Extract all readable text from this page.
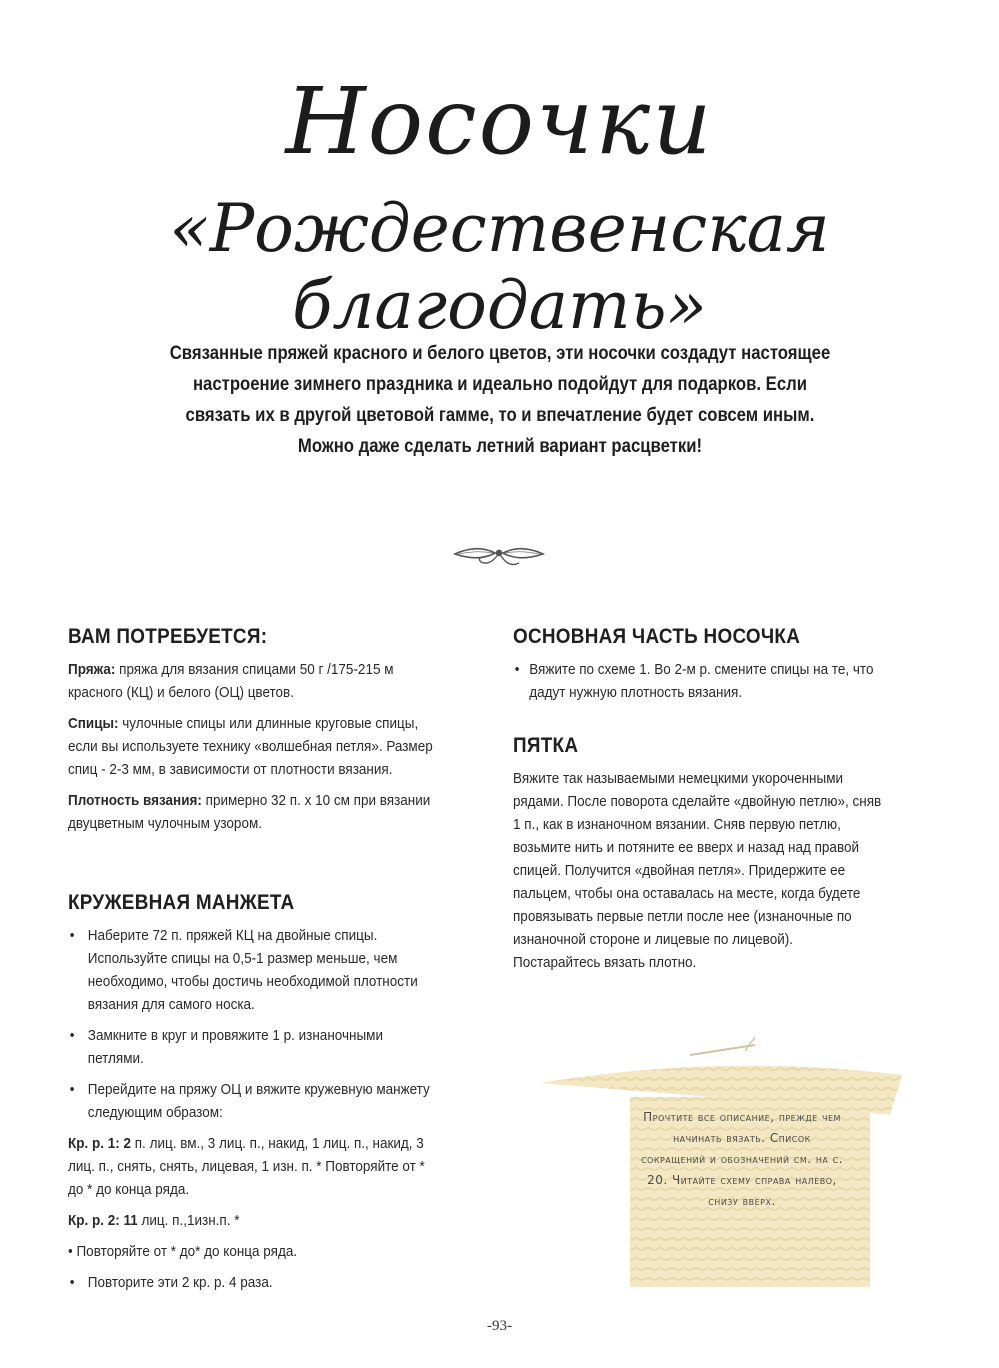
Носочки
«Рождественская благодать»
Связанные пряжей красного и белого цветов, эти носочки создадут настоящее настроение зимнего праздника и идеально подойдут для подарков. Если связать их в другой цветовой гамме, то и впечатление будет совсем иным. Можно даже сделать летний вариант расцветки!
ВАМ ПОТРЕБУЕТСЯ:

Пряжа: пряжа для вязания спицами 50 г /175-215 м красного (КЦ) и белого (ОЦ) цветов.

Спицы: чулочные спицы или длинные круговые спицы, если вы используете технику «волшебная петля». Размер спиц - 2-3 мм, в зависимости от плотности вязания.

Плотность вязания: примерно 32 п. x 10 см при вязании двуцветным чулочным узором.

КРУЖЕВНАЯ МАНЖЕТА

• Наберите 72 п. пряжей КЦ на двойные спицы. Используйте спицы на 0,5-1 размер меньше, чем необходимо, чтобы достичь необходимой плотности вязания для самого носка.

• Замкните в круг и провяжите 1 р. изнаночными петлями.

• Перейдите на пряжу ОЦ и вяжите кружевную манжету следующим образом:

Кр. р. 1: 2 п. лиц. вм., 3 лиц. п., накид, 1 лиц. п., накид, 3 лиц. п., снять, снять, лицевая, 1 изн. п. * Повторяйте от * до * до конца ряда.

Кр. р. 2: 11 лиц. п.,1изн.п. *

• Повторяйте от * до* до конца ряда.

• Повторите эти 2 кр. р. 4 раза.

ОСНОВНАЯ ЧАСТЬ НОСОЧКА

• Вяжите по схеме 1. Во 2-м р. смените спицы на те, что дадут нужную плотность вязания.

ПЯТКА

Вяжите так называемыми немецкими укороченными рядами. После поворота сделайте «двойную петлю», сняв 1 п., как в изнаночном вязании. Сняв первую петлю, возьмите нить и потяните ее вверх и назад над правой спицей. Получится «двойная петля». Придержите ее пальцем, чтобы она оставалась на месте, когда будете провязывать первые петли после нее (изнаночные по изнаночной стороне и лицевые по лицевой). Постарайтесь вязать плотно.

Прочтите все описание, прежде чем начинать вязать. Список сокращений и обозначений см. на с. 20. Читайте схему справа налево, снизу вверх.
-93-
